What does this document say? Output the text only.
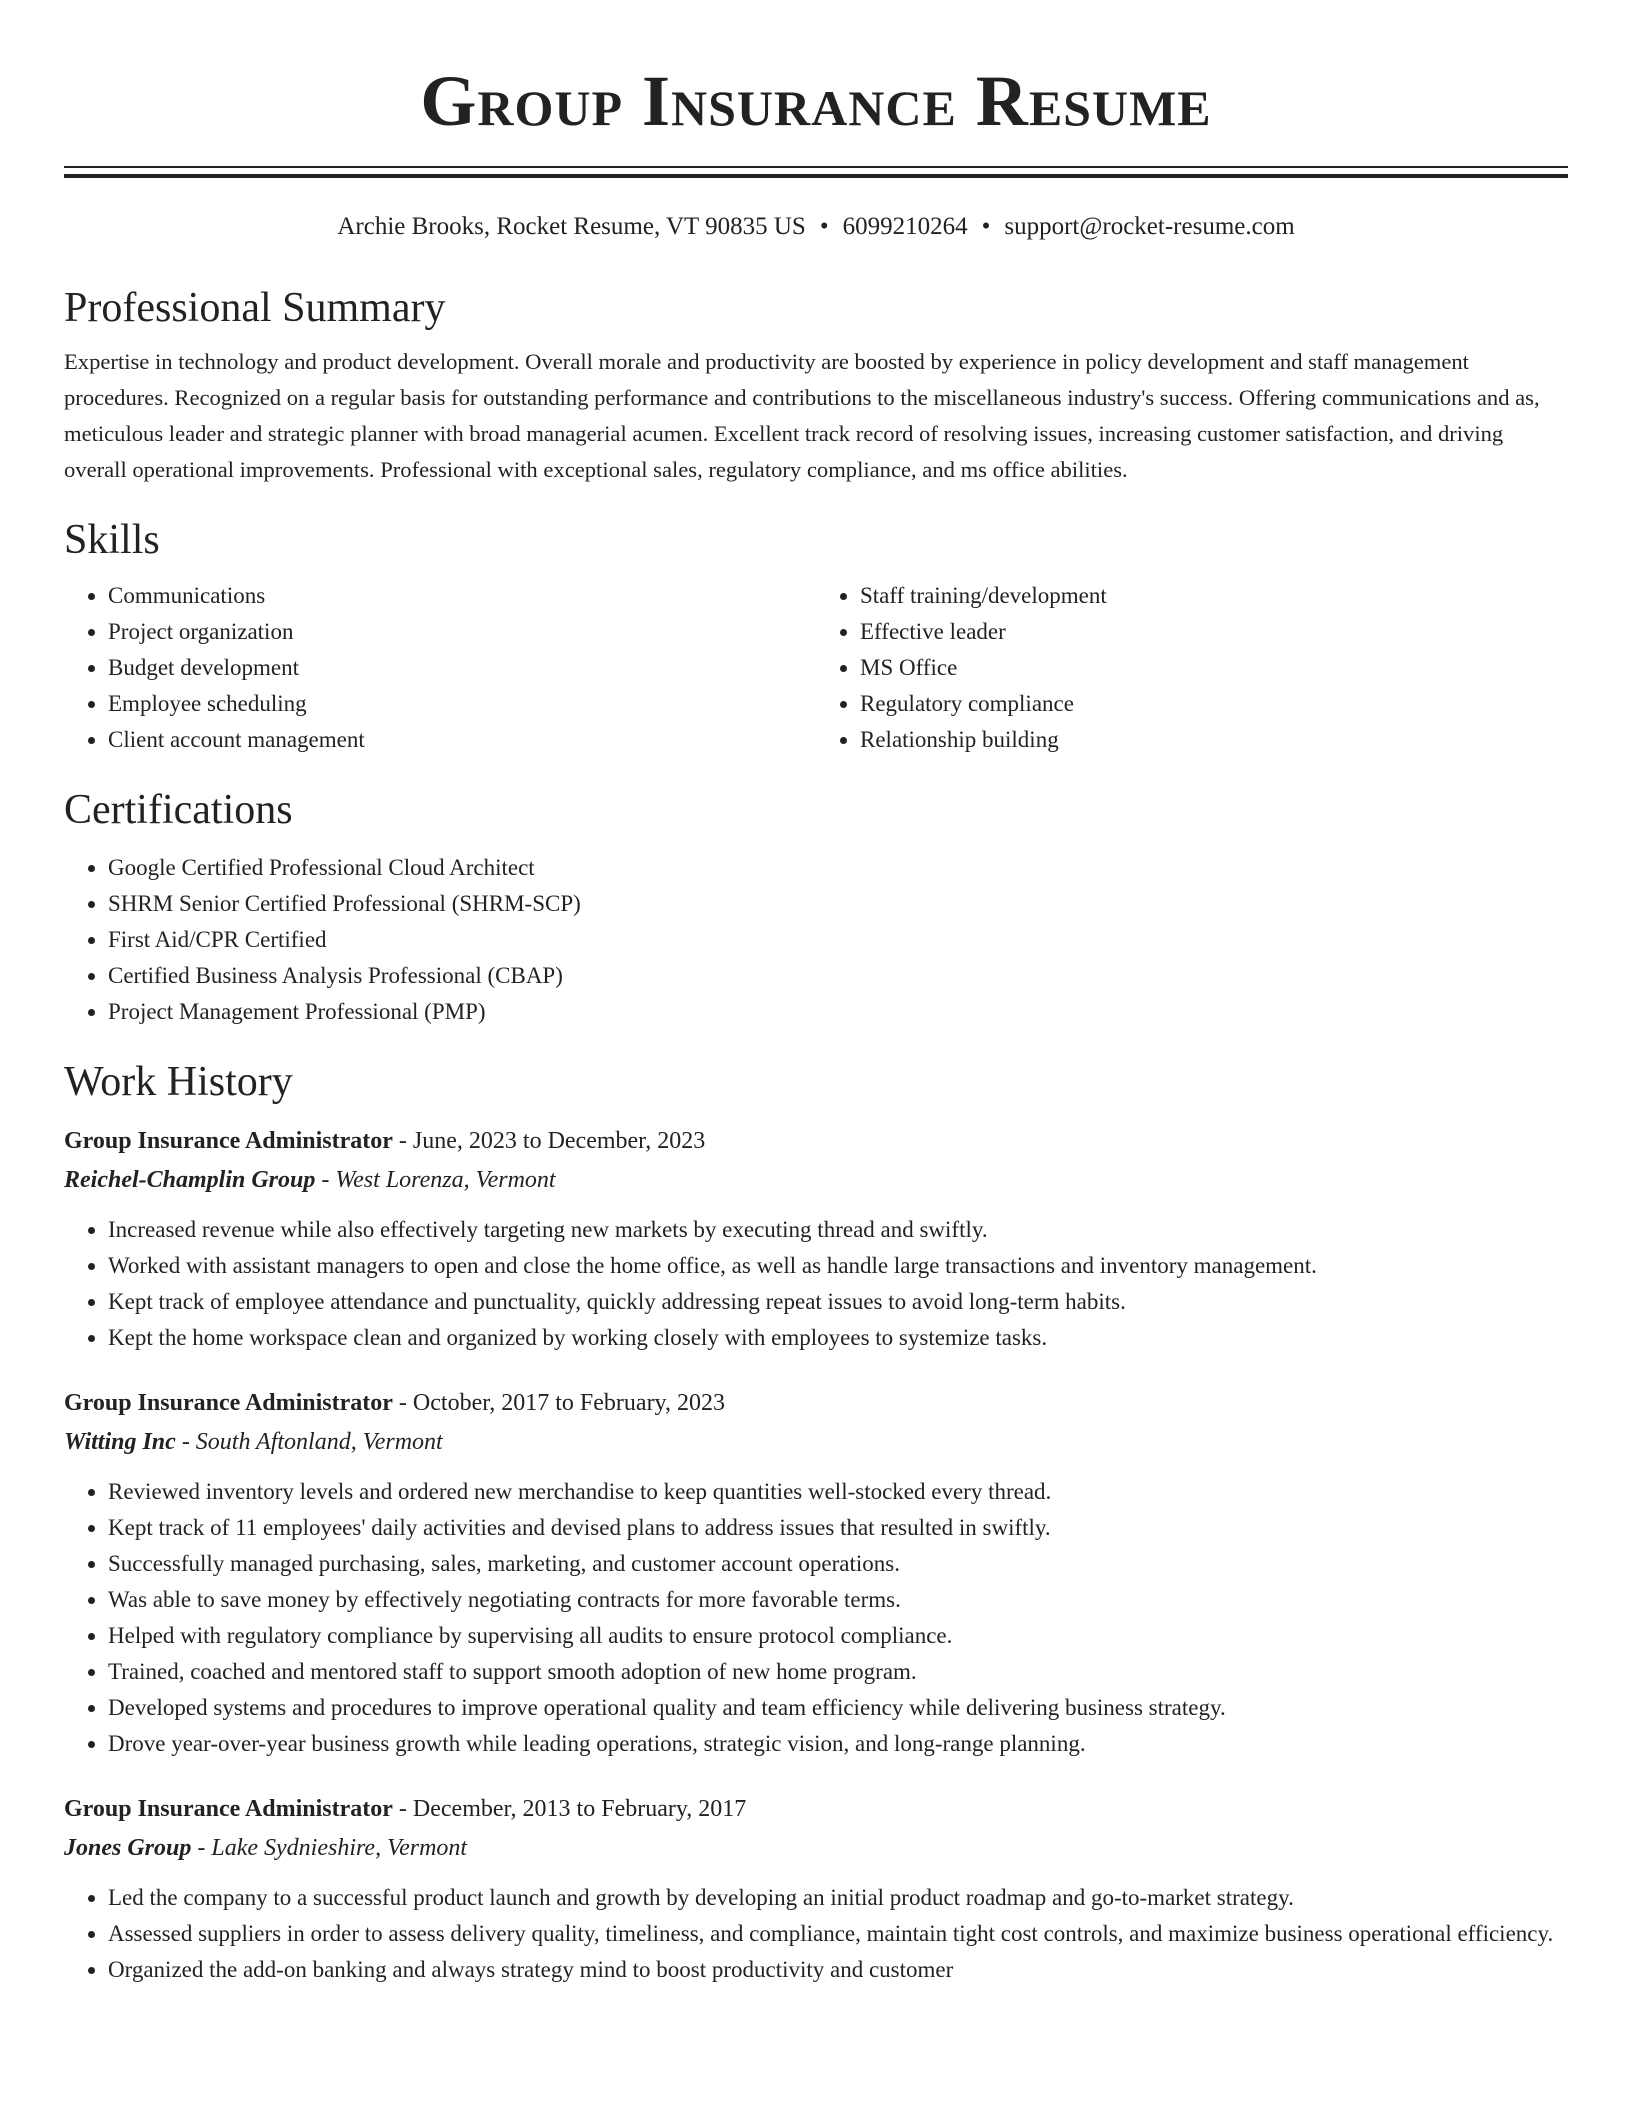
Group Insurance Resume
Archie Brooks, Rocket Resume, VT 90835 US • 6099210264 • support@rocket-resume.com
Professional Summary

Expertise in technology and product development. Overall morale and productivity are boosted by experience in policy development and staff management procedures. Recognized on a regular basis for outstanding performance and contributions to the miscellaneous industry's success. Offering communications and as, meticulous leader and strategic planner with broad managerial acumen. Excellent track record of resolving issues, increasing customer satisfaction, and driving overall operational improvements. Professional with exceptional sales, regulatory compliance, and ms office abilities.

Skills
• Communications
• Project organization
• Budget development
• Employee scheduling
• Client account management
• Staff training/development
• Effective leader
• MS Office
• Regulatory compliance
• Relationship building
Certifications
• Google Certified Professional Cloud Architect
• SHRM Senior Certified Professional (SHRM-SCP)
• First Aid/CPR Certified
• Certified Business Analysis Professional (CBAP)
• Project Management Professional (PMP)
Work History
Group Insurance Administrator - June, 2023 to December, 2023
Reichel-Champlin Group - West Lorenza, Vermont
• Increased revenue while also effectively targeting new markets by executing thread and swiftly.
• Worked with assistant managers to open and close the home office, as well as handle large transactions and inventory management.
• Kept track of employee attendance and punctuality, quickly addressing repeat issues to avoid long-term habits.
• Kept the home workspace clean and organized by working closely with employees to systemize tasks.
Group Insurance Administrator - October, 2017 to February, 2023
Witting Inc - South Aftonland, Vermont
• Reviewed inventory levels and ordered new merchandise to keep quantities well-stocked every thread.
• Kept track of 11 employees' daily activities and devised plans to address issues that resulted in swiftly.
• Successfully managed purchasing, sales, marketing, and customer account operations.
• Was able to save money by effectively negotiating contracts for more favorable terms.
• Helped with regulatory compliance by supervising all audits to ensure protocol compliance.
• Trained, coached and mentored staff to support smooth adoption of new home program.
• Developed systems and procedures to improve operational quality and team efficiency while delivering business strategy.
• Drove year-over-year business growth while leading operations, strategic vision, and long-range planning.
Group Insurance Administrator - December, 2013 to February, 2017
Jones Group - Lake Sydnieshire, Vermont
• Led the company to a successful product launch and growth by developing an initial product roadmap and go-to-market strategy.
• Assessed suppliers in order to assess delivery quality, timeliness, and compliance, maintain tight cost controls, and maximize business operational efficiency.
• Organized the add-on banking and always strategy mind to boost productivity and customer
